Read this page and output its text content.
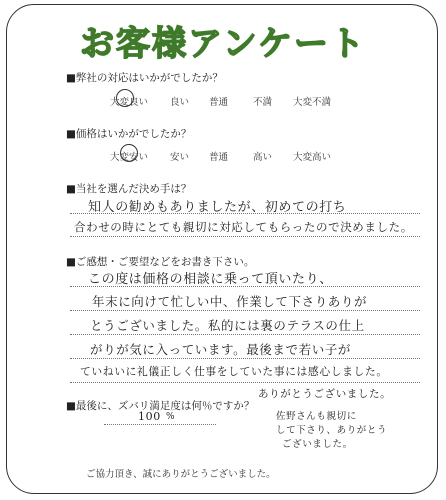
お客様アンケート
■弊社の対応はいかがでしたか？
大変良い 良い 普通	不満 大変不満
■価格はいかがでしたか？
大変安い 安い 普通	高い 大変高い
■当社を選んだ決め手は？
知人の勧めもありましたが、初めての打ち
合わせの時にとても親切に対応してもらったので決めました。
■ご感想・ご要望などをお書き下さい。
この度は価格の相談に乗って頂いたり、
年末に向けて忙しい中、作業して下さりありが
とうございました。私的には裏のテラスの仕上
がりが気に入っています。最後まで若い子が
ていねいに礼儀正しく仕事をしていた事には感心しました。
ありがとうございました。
佐野さんも親切に
して下さり、ありがとう
ございました。
■最後に、ズバリ満足度は何％ですか？
100 %
ご協力頂き、誠にありがとうございました。
